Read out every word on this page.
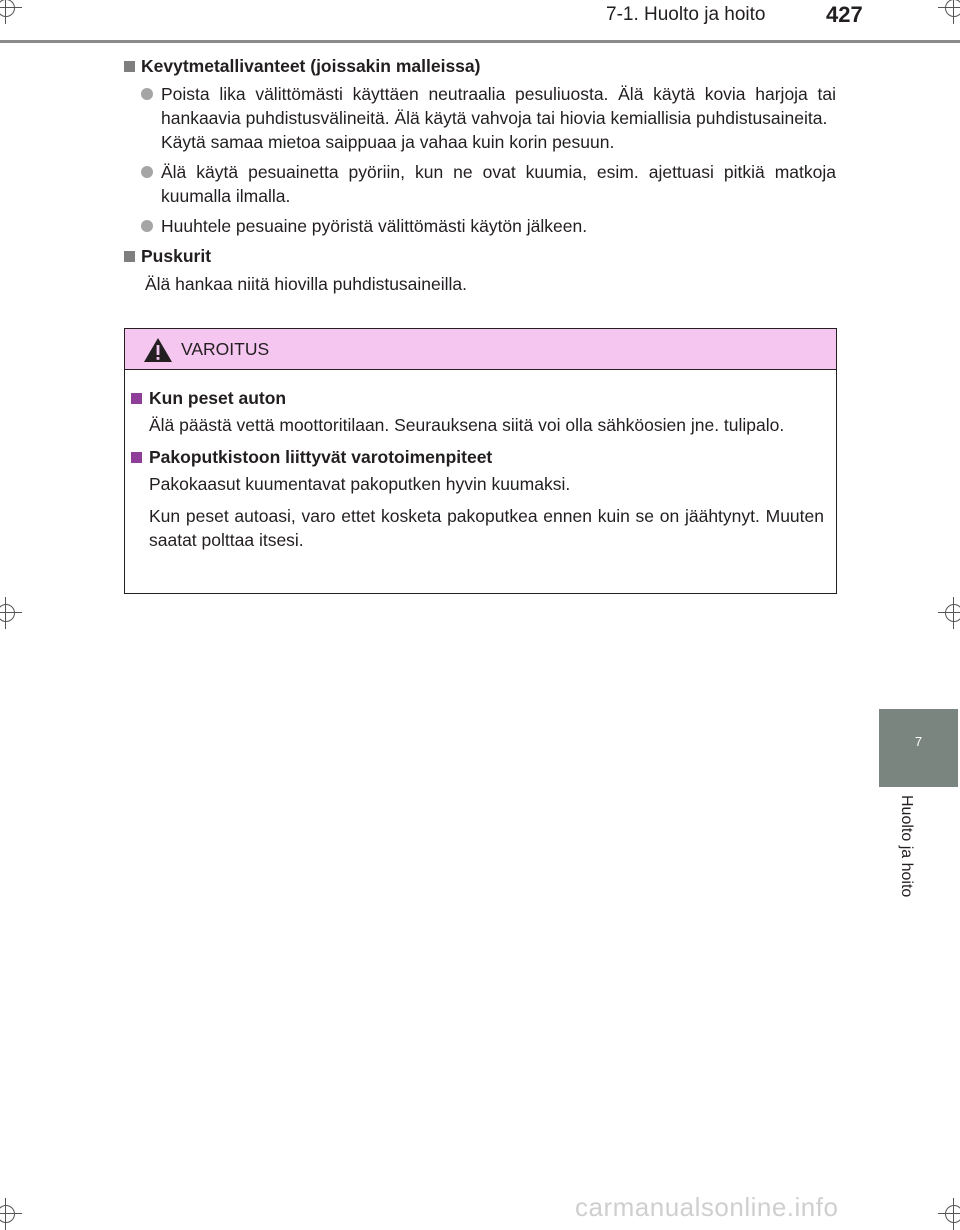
7-1. Huolto ja hoito	427
Kevytmetallivanteet (joissakin malleissa)
Poista lika välittömästi käyttäen neutraalia pesuliuosta. Älä käytä kovia harjoja tai hankaavia puhdistusvälineitä. Älä käytä vahvoja tai hiovia kemiallisia puhdistusaineita.
Käytä samaa mietoa saippuaa ja vahaa kuin korin pesuun.
Älä käytä pesuainetta pyöriin, kun ne ovat kuumia, esim. ajettuasi pitkiä matkoja kuumalla ilmalla.
Huuhtele pesuaine pyöristä välittömästi käytön jälkeen.
Puskurit
Älä hankaa niitä hiovilla puhdistusaineilla.
VAROITUS
Kun peset auton
Älä päästä vettä moottoritilaan. Seurauksena siitä voi olla sähköosien jne. tulipalo.
Pakoputkistoon liittyvät varotoimenpiteet
Pakokaasut kuumentavat pakoputken hyvin kuumaksi.
Kun peset autoasi, varo ettet kosketa pakoputkea ennen kuin se on jäähtynyt. Muuten saatat polttaa itsesi.
7
Huolto ja hoito
carmanualsonline.info
